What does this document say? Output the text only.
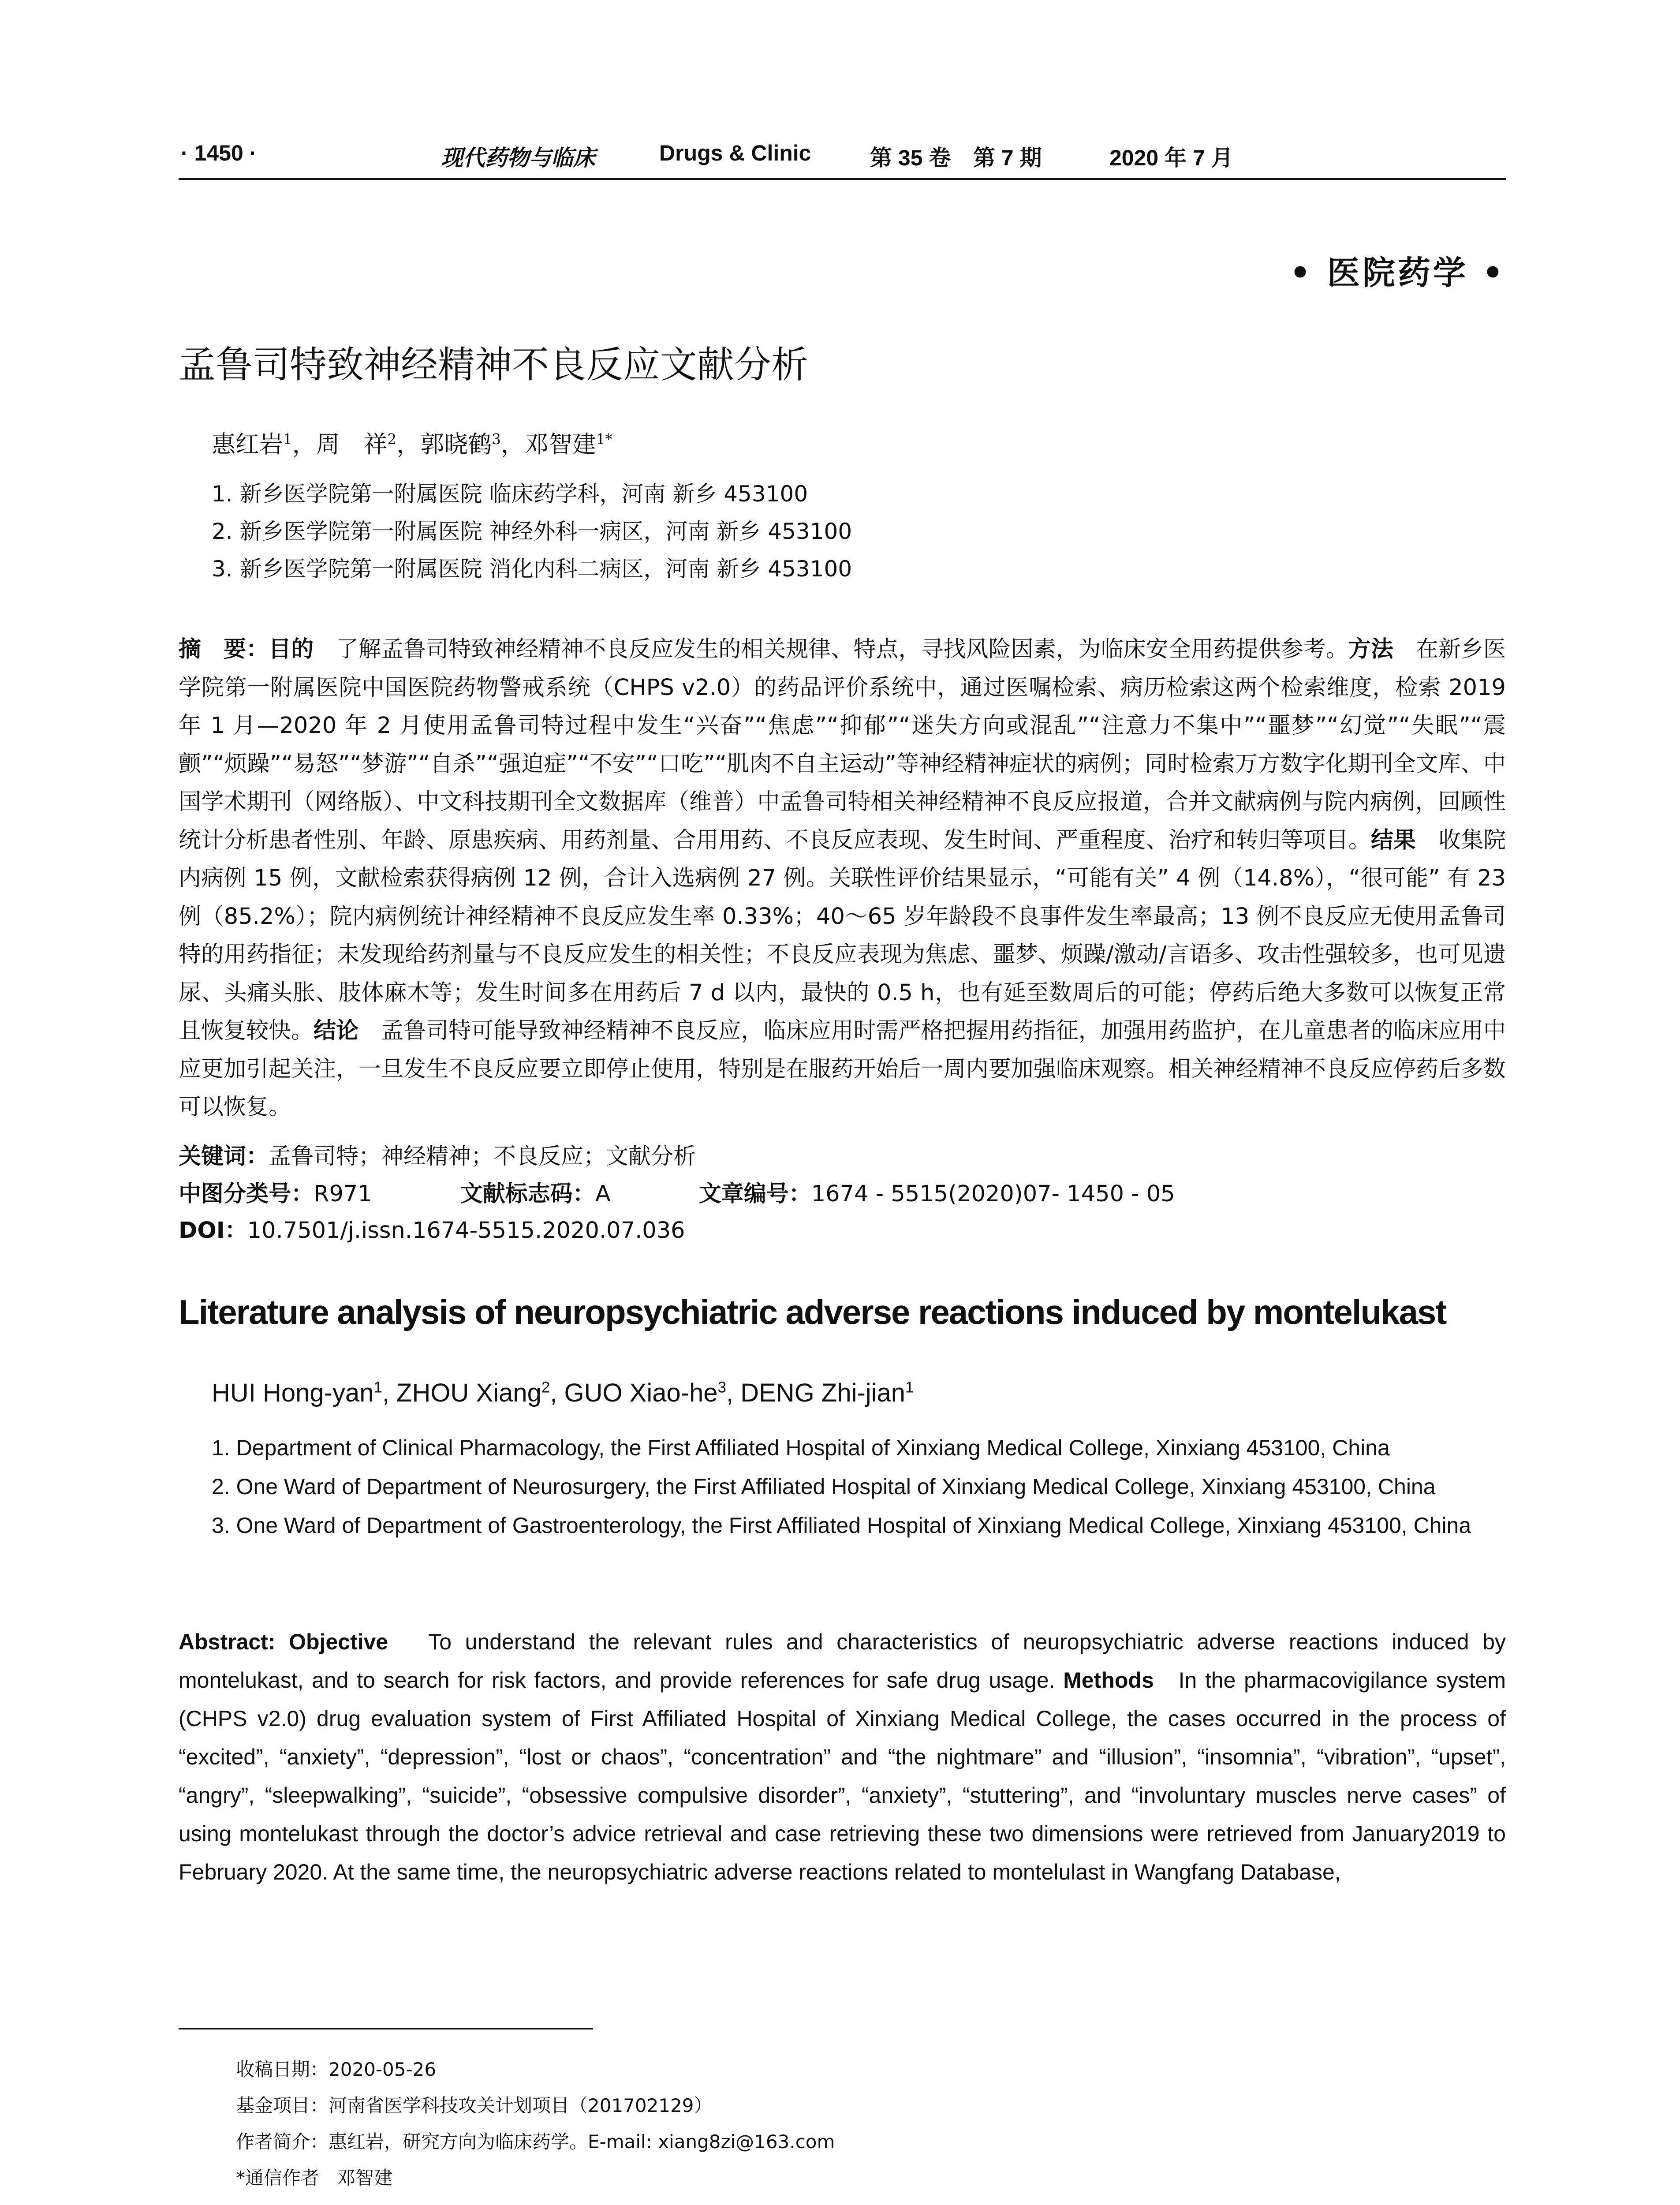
· 1450 ·	现代药物与临床	Drugs & Clinic	第 35 卷 第 7 期	2020 年 7 月
• 医院药学 •
孟鲁司特致神经精神不良反应文献分析
惠红岩$^1$，周　祥$^2$，郭晓鹤$^3$，邓智建$^{1*}$
1. 新乡医学院第一附属医院 临床药学科，河南 新乡 453100
2. 新乡医学院第一附属医院 神经外科一病区，河南 新乡 453100
3. 新乡医学院第一附属医院 消化内科二病区，河南 新乡 453100
摘　要：目的　 了解孟鲁司特致神经精神不良反应发生的相关规律、特点，寻找风险因素，为临床安全用药提供参考。方法　 在新乡医学院第一附属医院中国医院药物警戒系统（CHPS v2.0）的药品评价系统中，通过医嘱检索、病历检索这两个检索维度，检索 2019 年 1 月—2020 年 2 月使用孟鲁司特过程中发生“兴奋”“焦虑”“抑郁”“迷失方向或混乱”“注意力不集中”“噩梦”“幻觉”“失眠”“震颤”“烦躁”“易怒”“梦游”“自杀”“强迫症”“不安”“口吃”“肌肉不自主运动”等神经精神症状的病例；同时检索万方数字化期刊全文库、中国学术期刊（网络版）、中文科技期刊全文数据库（维普）中孟鲁司特相关神经精神不良反应报道，合并文献病例与院内病例，回顾性统计分析患者性别、年龄、原患疾病、用药剂量、合用用药、不良反应表现、发生时间、严重程度、治疗和转归等项目。结果　 收集院内病例 15 例，文献检索获得病例 12 例，合计入选病例 27 例。关联性评价结果显示，“可能有关” 4 例（14.8%），“很可能” 有 23 例（85.2%）；院内病例统计神经精神不良反应发生率 0.33%；40～65 岁年龄段不良事件发生率最高；13 例不良反应无使用孟鲁司特的用药指征；未发现给药剂量与不良反应发生的相关性；不良反应表现为焦虑、噩梦、烦躁/激动/言语多、攻击性强较多，也可见遗尿、头痛头胀、肢体麻木等；发生时间多在用药后 7 d 以内，最快的 0.5 h，也有延至数周后的可能；停药后绝大多数可以恢复正常且恢复较快。结论　 孟鲁司特可能导致神经精神不良反应，临床应用时需严格把握用药指征，加强用药监护，在儿童患者的临床应用中应更加引起关注，一旦发生不良反应要立即停止使用，特别是在服药开始后一周内要加强临床观察。相关神经精神不良反应停药后多数可以恢复。
关键词：孟鲁司特；神经精神；不良反应；文献分析
中图分类号：R971	文献标志码：A	文章编号：1674 - 5515(2020)07- 1450 - 05
DOI：10.7501/j.issn.1674-5515.2020.07.036
Literature analysis of neuropsychiatric adverse reactions induced by montelukast
HUI Hong-yan$^1$, ZHOU Xiang$^2$, GUO Xiao-$he^3$, DENG Zhi-jian$^1$
1. Department of Clinical Pharmacology, the First Affiliated Hospital of Xinxiang Medical College, Xinxiang 453100, China
2. One Ward of Department of Neurosurgery, the First Affiliated Hospital of Xinxiang Medical College, Xinxiang 453100, China
3. One Ward of Department of Gastroenterology, the First Affiliated Hospital of Xinxiang Medical College, Xinxiang 453100, China
Abstract: Objective To understand the relevant rules and characteristics of neuropsychiatric adverse reactions induced by montelukast, and to search for risk factors, and provide references for safe drug usage. Methods In the pharmacovigilance system (CHPS v2.0) drug evaluation system of First Affiliated Hospital of Xinxiang Medical College, the cases occurred in the process of “excited”, “anxiety”, “depression”, “lost or chaos”, “concentration” and “the nightmare” and “illusion”, “insomnia”, “vibration”, “upset”, “angry”, “sleepwalking”, “suicide”, “obsessive compulsive disorder”, “anxiety”, “stuttering”, and “involuntary muscles nerve cases” of using montelukast through the doctor’s advice retrieval and case retrieving these two dimensions were retrieved from January2019 to February 2020. At the same time, the neuropsychiatric adverse reactions related to montelulast in Wangfang Database,
收稿日期：2020-05-26
基金项目：河南省医学科技攻关计划项目（201702129）
作者简介：惠红岩，研究方向为临床药学。E-mail: xiang8zi@163.com
*通信作者 邓智建
